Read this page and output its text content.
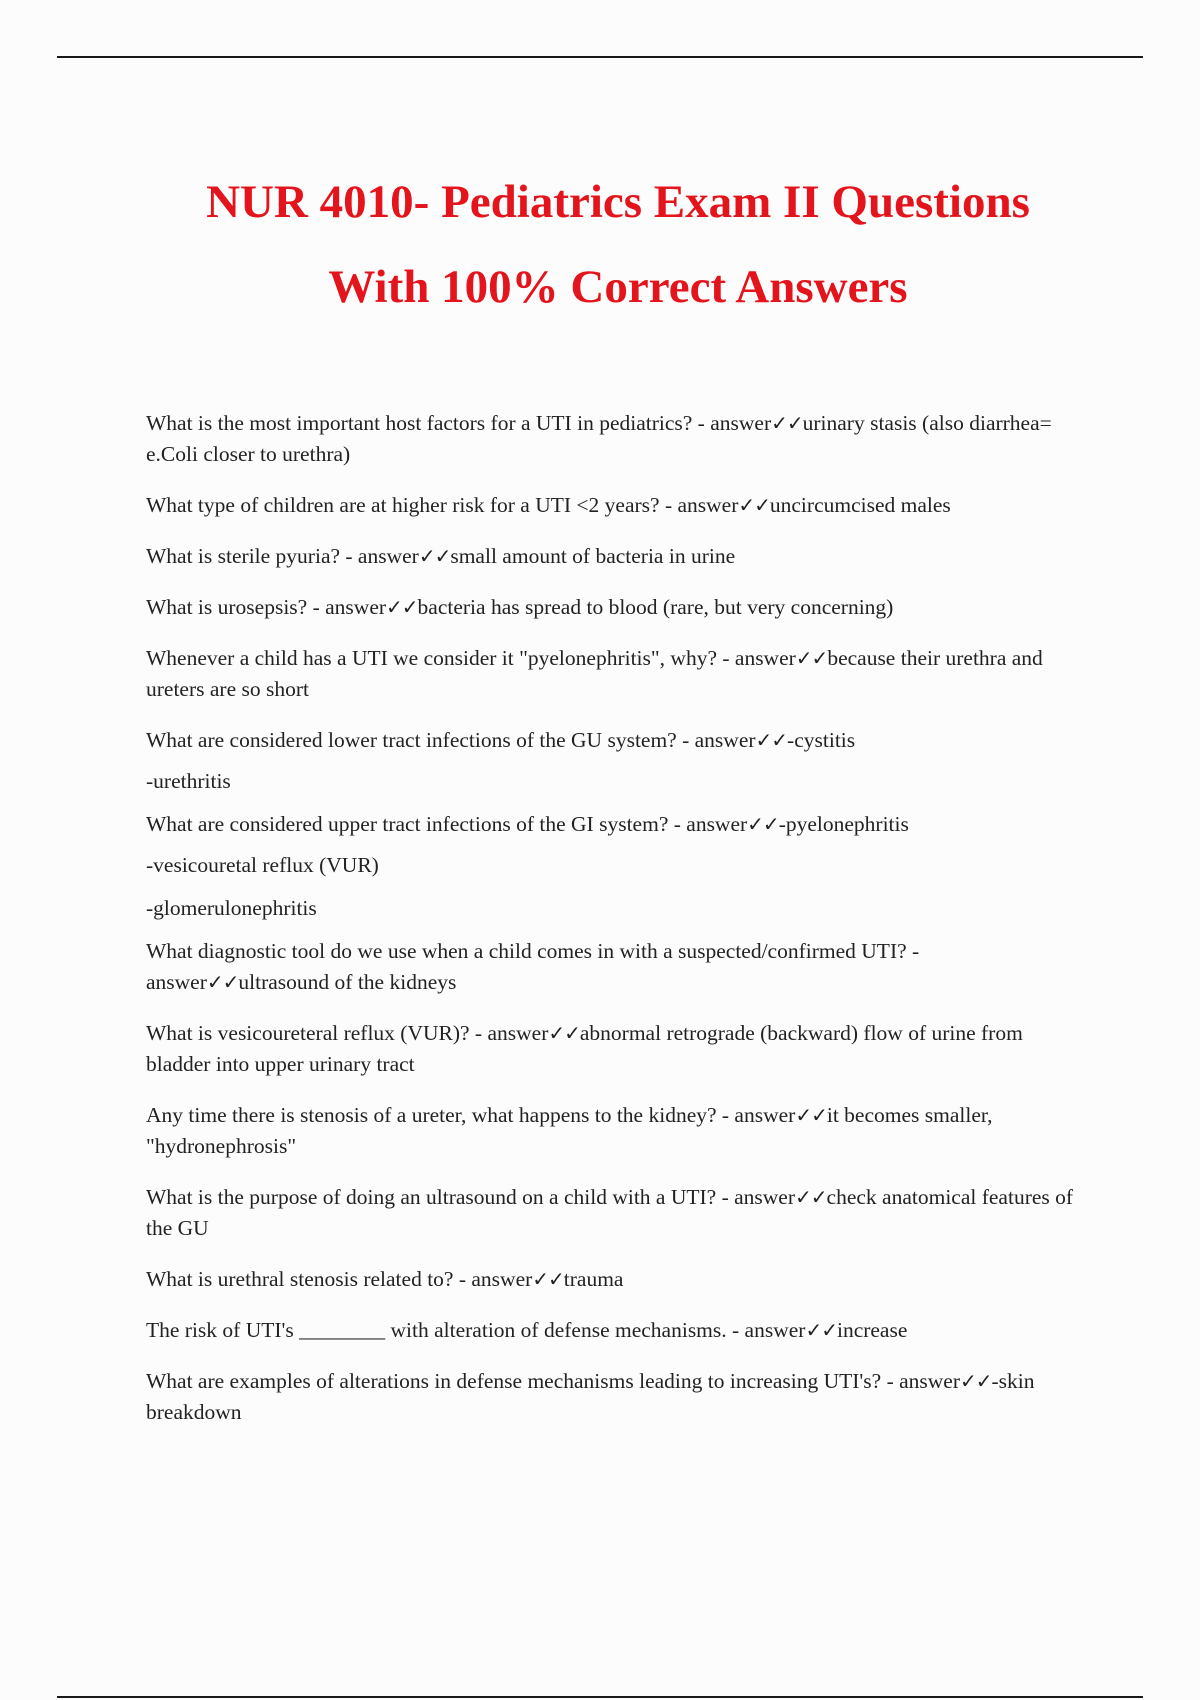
NUR 4010- Pediatrics Exam II Questions
With 100% Correct Answers

What is the most important host factors for a UTI in pediatrics? - answer✓✓urinary stasis (also diarrhea= e.Coli closer to urethra)

What type of children are at higher risk for a UTI <2 years? - answer✓✓uncircumcised males

What is sterile pyuria? - answer✓✓small amount of bacteria in urine

What is urosepsis? - answer✓✓bacteria has spread to blood (rare, but very concerning)

Whenever a child has a UTI we consider it "pyelonephritis", why? - answer✓✓because their urethra and ureters are so short

What are considered lower tract infections of the GU system? - answer✓✓-cystitis

-urethritis

What are considered upper tract infections of the GI system? - answer✓✓-pyelonephritis

-vesicouretal reflux (VUR)

-glomerulonephritis

What diagnostic tool do we use when a child comes in with a suspected/confirmed UTI? - answer✓✓ultrasound of the kidneys

What is vesicoureteral reflux (VUR)? - answer✓✓abnormal retrograde (backward) flow of urine from bladder into upper urinary tract

Any time there is stenosis of a ureter, what happens to the kidney? - answer✓✓it becomes smaller, "hydronephrosis"

What is the purpose of doing an ultrasound on a child with a UTI? - answer✓✓check anatomical features of the GU

What is urethral stenosis related to? - answer✓✓trauma

The risk of UTI's ________ with alteration of defense mechanisms. - answer✓✓increase

What are examples of alterations in defense mechanisms leading to increasing UTI's? - answer✓✓-skin breakdown
